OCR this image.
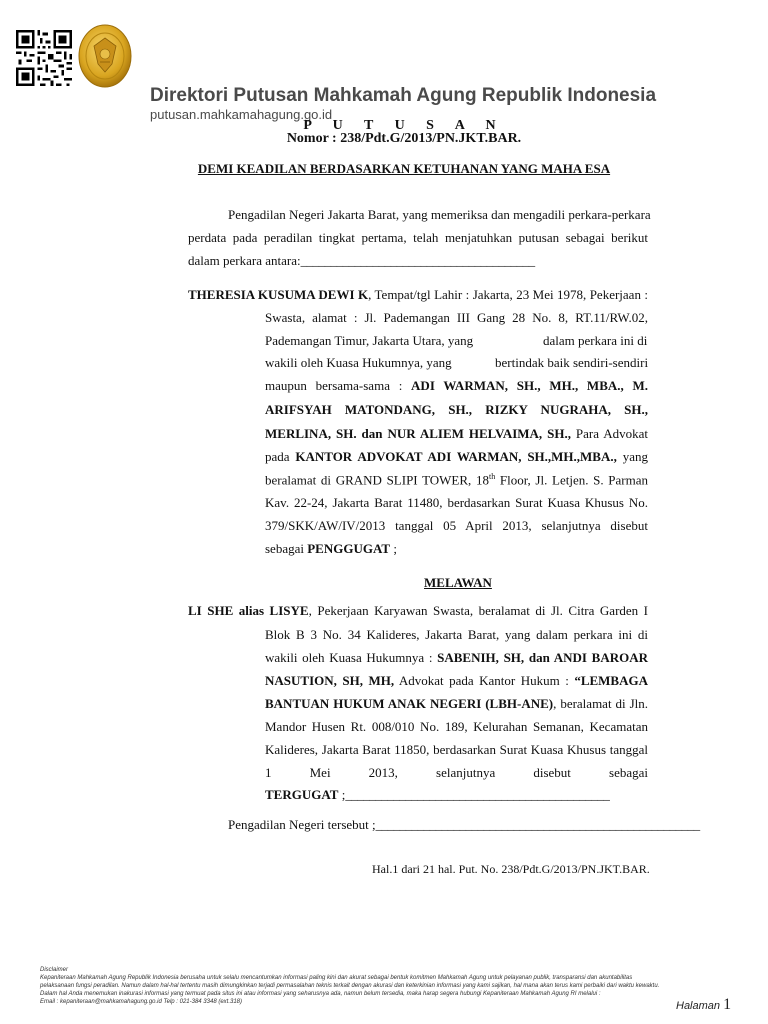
Direktori Putusan Mahkamah Agung Republik Indonesia
putusan.mahkamahagung.go.id
P U T U S A N
Nomor : 238/Pdt.G/2013/PN.JKT.BAR.
DEMI KEADILAN BERDASARKAN KETUHANAN YANG MAHA ESA
Pengadilan Negeri Jakarta Barat, yang memeriksa dan mengadili perkara-perkara
perdata pada peradilan tingkat pertama, telah menjatuhkan putusan sebagai berikut
dalam perkara antara:_______________________________________
THERESIA KUSUMA DEWI K, Tempat/tgl Lahir : Jakarta, 23 Mei 1978, Pekerjaan :
Swasta, alamat : Jl. Pademangan III Gang 28 No. 8, RT.11/RW.02,
Pademangan Timur, Jakarta Utara, yang	dalam perkara ini di
wakili oleh Kuasa Hukumnya, yang	bertindak baik sendiri-sendiri
maupun bersama-sama : ADI WARMAN, SH., MH., MBA., M.
ARIFSYAH MATONDANG, SH., RIZKY NUGRAHA, SH.,
MERLINA, SH. dan NUR ALIEM HELVAIMA, SH., Para Advokat
pada KANTOR ADVOKAT ADI WARMAN, SH.,MH.,MBA., yang
beralamat di GRAND SLIPI TOWER, 18th Floor, Jl. Letjen. S. Parman
Kav. 22-24, Jakarta Barat 11480, berdasarkan Surat Kuasa Khusus No.
379/SKK/AW/IV/2013 tanggal 05 April 2013, selanjutnya disebut
sebagai PENGGUGAT ;
MELAWAN
LI SHE alias LISYE, Pekerjaan Karyawan Swasta, beralamat di Jl. Citra Garden I
Blok B 3 No. 34 Kalideres, Jakarta Barat, yang dalam perkara ini di
wakili oleh Kuasa Hukumnya : SABENIH, SH, dan ANDI BAROAR
NASUTION, SH, MH, Advokat pada Kantor Hukum : “LEMBAGA
BANTUAN HUKUM ANAK NEGERI (LBH-ANE), beralamat di Jln.
Mandor Husen Rt. 008/010 No. 189, Kelurahan Semanan, Kecamatan
Kalideres, Jakarta Barat 11850, berdasarkan Surat Kuasa Khusus tanggal
1 Mei 2013, selanjutnya disebut sebagai
TERGUGAT ;____________________________________________
Pengadilan Negeri tersebut ;______________________________________________________
Hal.1 dari 21 hal. Put. No. 238/Pdt.G/2013/PN.JKT.BAR.
Disclaimer
Kepaniteraan Mahkamah Agung Republik Indonesia berusaha untuk selalu mencantumkan informasi paling kini dan akurat sebagai bentuk komitmen Mahkamah Agung untuk pelayanan publik, transparansi dan akuntabilitas
pelaksanaan fungsi peradilan. Namun dalam hal-hal tertentu masih dimungkinkan terjadi permasalahan teknis terkait dengan akurasi dan keterkinian informasi yang kami sajikan, hal mana akan terus kami perbaiki dari waktu kewaktu.
Dalam hal Anda menemukan inakurasi informasi yang termuat pada situs ini atau informasi yang seharusnya ada, namun belum tersedia, maka harap segera hubungi Kepaniteraan Mahkamah Agung RI melalui :
Email : kepaniteraan@mahkamahagung.go.id Telp : 021-384 3348 (ext.318)	Halaman 1
